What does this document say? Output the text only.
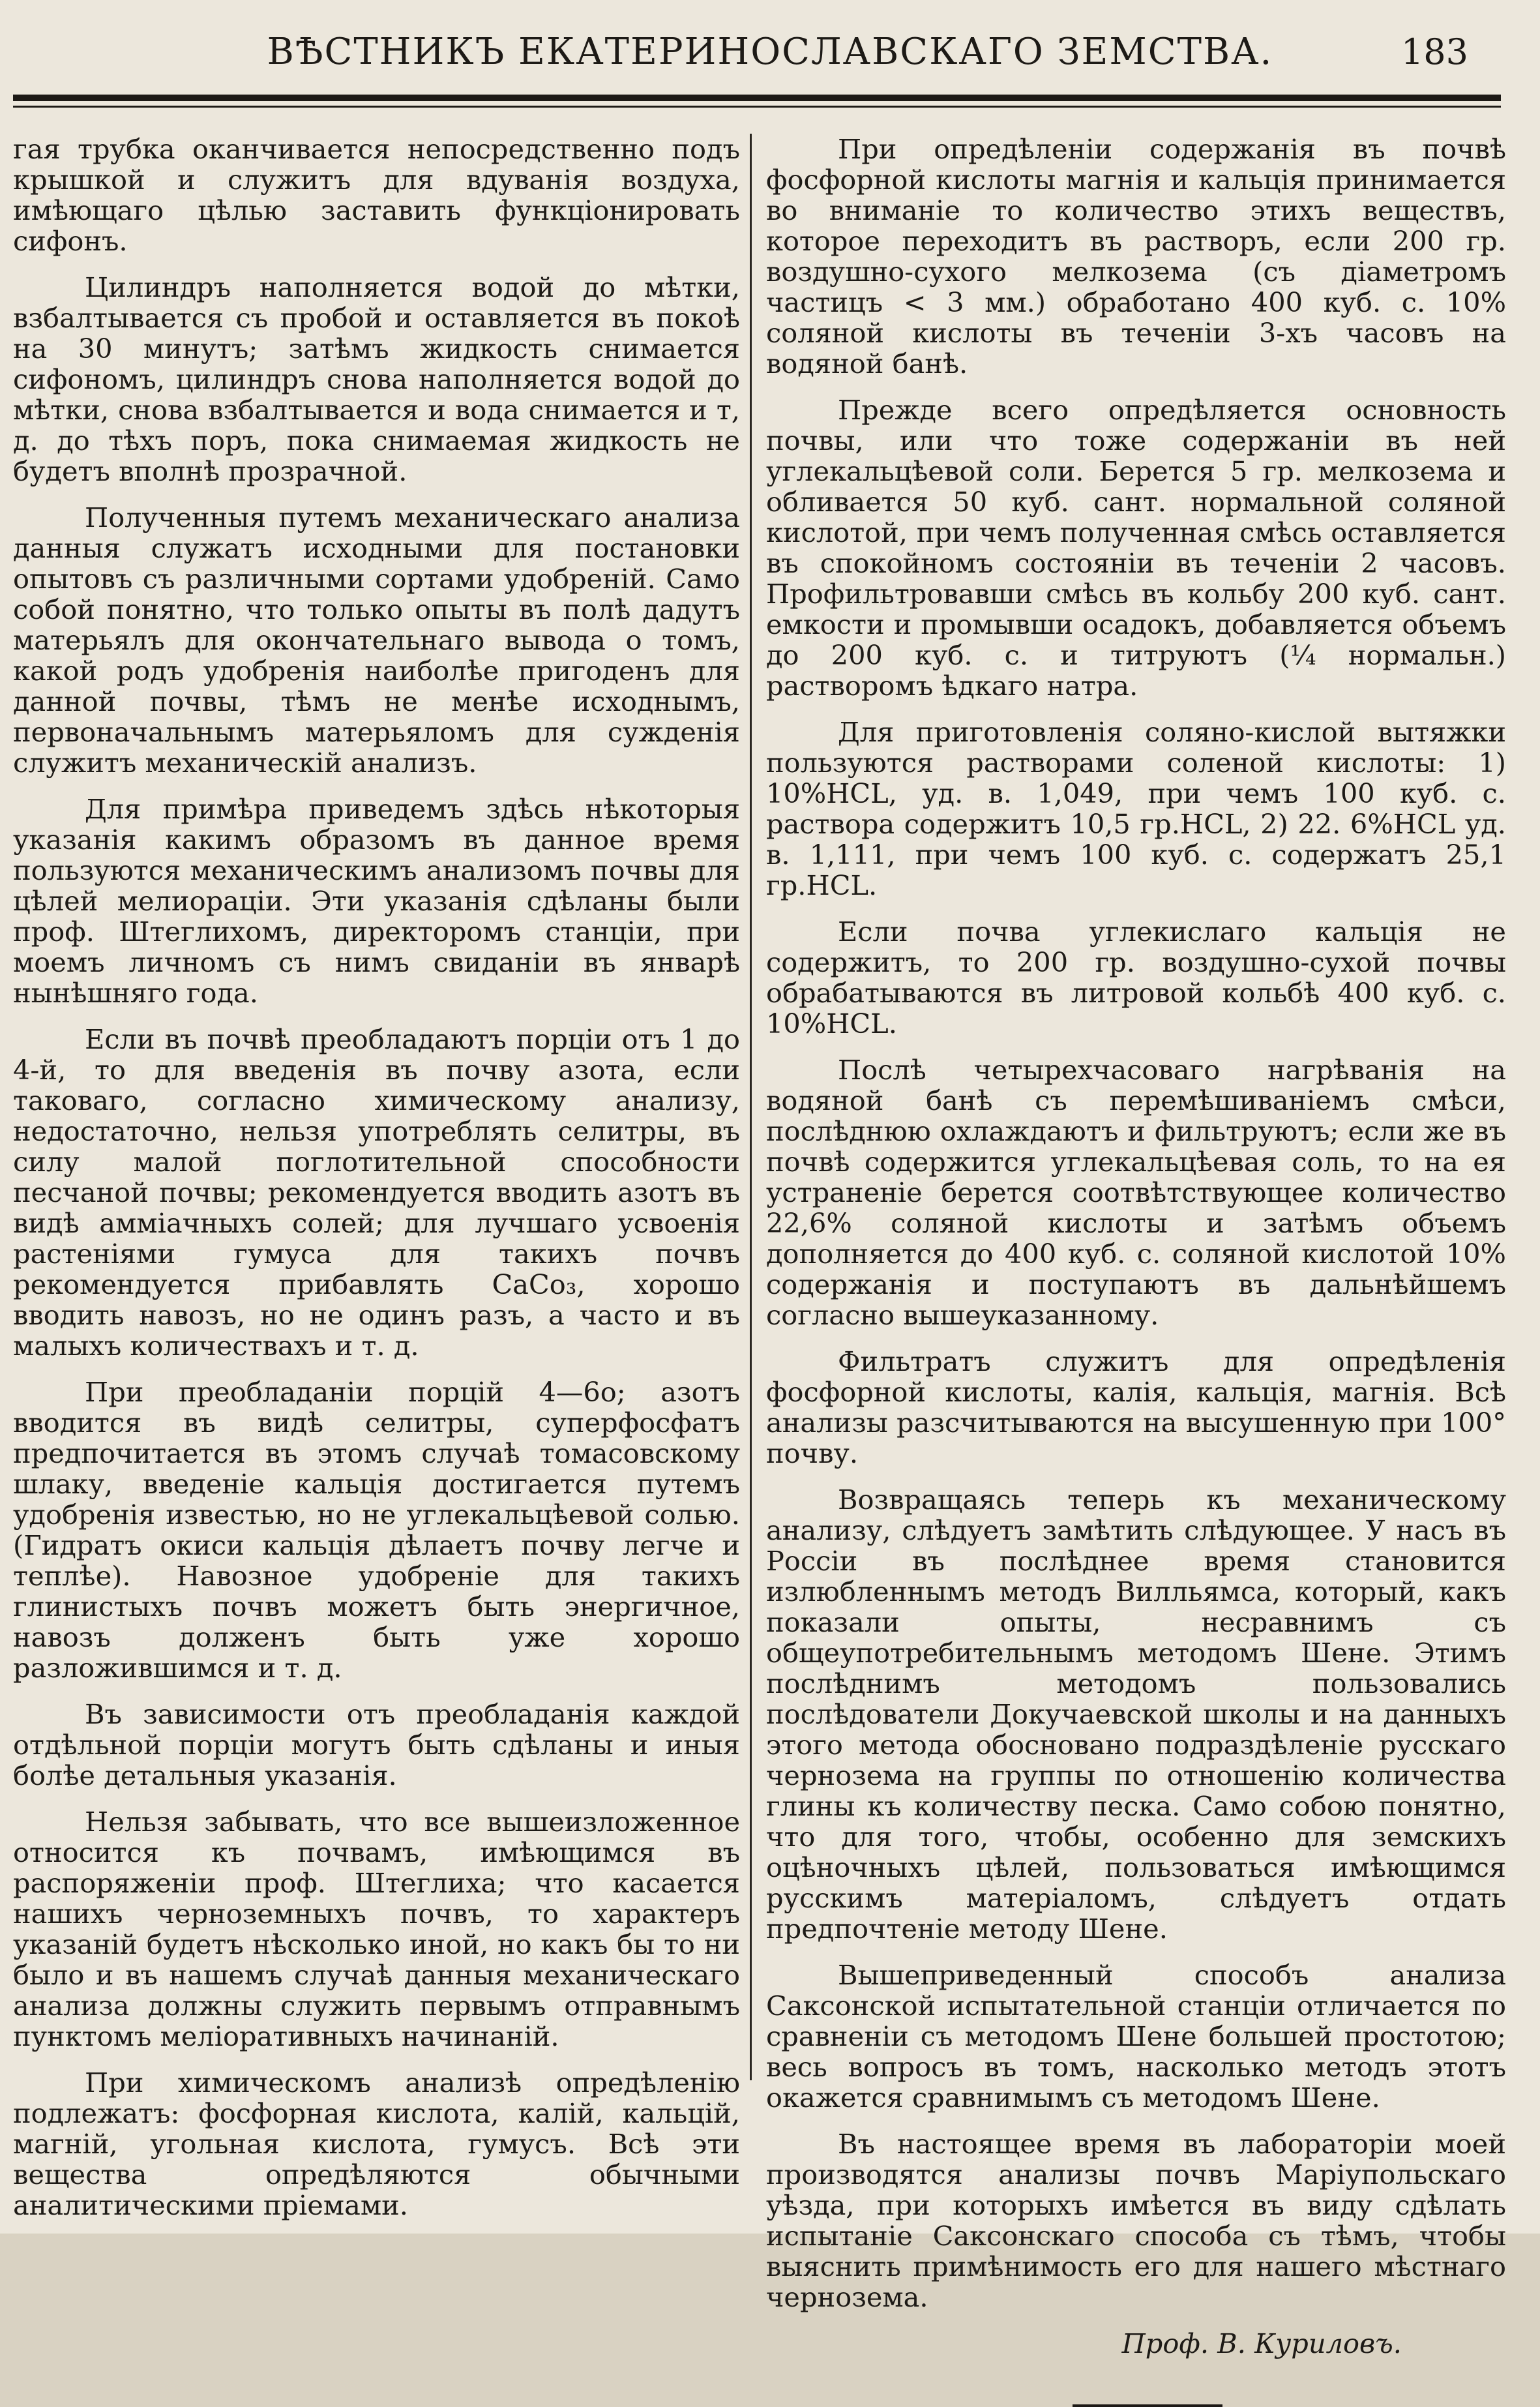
ВѢСТНИКЪ ЕКАТЕРИНОСЛАВСКАГО ЗЕМСТВА.	183

гая трубка оканчивается непосредственно подъ крышкой и служитъ для вдуванія воздуха, имѣющаго цѣлью заставить функціонировать сифонъ.

Цилиндръ наполняется водой до мѣтки, взбалтывается съ пробой и оставляется въ покоѣ на 30 минутъ; затѣмъ жидкость снимается сифономъ, цилиндръ снова наполняется водой до мѣтки, снова взбалтывается и вода снимается и т, д. до тѣхъ поръ, пока снимаемая жидкость не будетъ вполнѣ прозрачной.

Полученныя путемъ механическаго анализа данныя служатъ исходными для постановки опытовъ съ различными сортами удобреній. Само собой понятно, что только опыты въ полѣ дадутъ матерьялъ для окончательнаго вывода о томъ, какой родъ удобренія наиболѣе пригоденъ для данной почвы, тѣмъ не менѣе исходнымъ, первоначальнымъ матерьяломъ для сужденія служитъ механическій анализъ.

Для примѣра приведемъ здѣсь нѣкоторыя указанія какимъ образомъ въ данное время пользуются механическимъ анализомъ почвы для цѣлей мелиораціи. Эти указанія сдѣланы были проф. Штеглихомъ, директоромъ станціи, при моемъ личномъ съ нимъ свиданіи въ январѣ нынѣшняго года.

Если въ почвѣ преобладаютъ порціи отъ 1 до 4-й, то для введенія въ почву азота, если таковаго, согласно химическому анализу, недостаточно, нельзя употреблять селитры, въ силу малой поглотительной способности песчаной почвы; рекомендуется вводить азотъ въ видѣ аммiачныхъ солей; для лучшаго усвоенія растеніями гумуса для такихъ почвъ рекомендуется прибавлять CaCo₃, хорошо вводить навозъ, но не одинъ разъ, а часто и въ малыхъ количествахъ и т. д.

При преобладаніи порцій 4—6о; азотъ вводится въ видѣ селитры, суперфосфатъ предпочитается въ этомъ случаѣ томасовскому шлаку, введеніе кальція достигается путемъ удобренія известью, но не углекальцѣевой солью. (Гидратъ окиси кальція дѣлаетъ почву легче и теплѣе). Навозное удобреніе для такихъ глинистыхъ почвъ можетъ быть энергичное, навозъ долженъ быть уже хорошо разложившимся и т. д.

Въ зависимости отъ преобладанія каждой отдѣльной порціи могутъ быть сдѣланы и иныя болѣе детальныя указанія.

Нельзя забывать, что все вышеизложенное относится къ почвамъ, имѣющимся въ распоряженіи проф. Штеглиха; что касается нашихъ черноземныхъ почвъ, то характеръ указаній будетъ нѣсколько иной, но какъ бы то ни было и въ нашемъ случаѣ данныя механическаго анализа должны служить первымъ отправнымъ пунктомъ меліоративныхъ начинаній.

При химическомъ анализѣ опредѣленію подлежатъ: фосфорная кислота, калій, кальцій, магній, угольная кислота, гумусъ. Всѣ эти вещества опредѣляются обычными аналитическими пріемами.

При опредѣленіи содержанія въ почвѣ фосфорной кислоты магнія и кальція принимается во вниманіе то количество этихъ веществъ, которое переходитъ въ растворъ, если 200 гр. воздушно-сухого мелкозема (съ діаметромъ частицъ < 3 мм.) обработано 400 куб. с. 10% соляной кислоты въ теченіи 3-хъ часовъ на водяной банѣ.

Прежде всего опредѣляется основность почвы, или что тоже содержаніи въ ней углекальцѣевой соли. Берется 5 гр. мелкозема и обливается 50 куб. сант. нормальной соляной кислотой, при чемъ полученная смѣсь оставляется въ спокойномъ состояніи въ теченіи 2 часовъ. Профильтровавши смѣсь въ кольбу 200 куб. сант. емкости и промывши осадокъ, добавляется объемъ до 200 куб. с. и титруютъ (¼ нормальн.) растворомъ ѣдкаго натра.

Для приготовленія соляно-кислой вытяжки пользуются растворами соленой кислоты: 1) 10%HCL, уд. в. 1,049, при чемъ 100 куб. с. раствора содержитъ 10,5 гр.HCL, 2) 22. 6%HCL уд. в. 1,111, при чемъ 100 куб. с. содержатъ 25,1 гр.HCL.

Если почва углекислаго кальція не содержитъ, то 200 гр. воздушно-сухой почвы обрабатываются въ литровой кольбѣ 400 куб. с. 10%HCL.

Послѣ четырехчасоваго нагрѣванія на водяной банѣ съ перемѣшиваніемъ смѣси, послѣднюю охлаждаютъ и фильтруютъ; если же въ почвѣ содержится углекальцѣевая соль, то на ея устраненіе берется соотвѣтствующее количество 22,6% соляной кислоты и затѣмъ объемъ дополняется до 400 куб. с. соляной кислотой 10% содержанія и поступаютъ въ дальнѣйшемъ согласно вышеуказанному.

Фильтратъ служитъ для опредѣленія фосфорной кислоты, калія, кальція, магнія. Всѣ анализы разсчитываются на высушенную при 100° почву.

Возвращаясь теперь къ механическому анализу, слѣдуетъ замѣтить слѣдующее. У насъ въ Россіи въ послѣднее время становится излюбленнымъ методъ Вилльямса, который, какъ показали опыты, несравнимъ съ общеупотребительнымъ методомъ Шене. Этимъ послѣднимъ методомъ пользовались послѣдователи Докучаевской школы и на данныхъ этого метода обосновано подраздѣленіе русскаго чернозема на группы по отношенію количества глины къ количеству песка. Само собою понятно, что для того, чтобы, особенно для земскихъ оцѣночныхъ цѣлей, пользоваться имѣющимся русскимъ матеріаломъ, слѣдуетъ отдать предпочтеніе методу Шене.

Вышеприведенный способъ анализа Саксонской испытательной станціи отличается по сравненіи съ методомъ Шене большей простотою; весь вопросъ въ томъ, насколько методъ этотъ окажется сравнимымъ съ методомъ Шене.

Въ настоящее время въ лабораторіи моей производятся анализы почвъ Маріупольскаго уѣзда, при которыхъ имѣется въ виду сдѣлать испытаніе Саксонскаго способа съ тѣмъ, чтобы выяснить примѣнимость его для нашего мѣстнаго чернозема.

Проф. В. Куриловъ.
